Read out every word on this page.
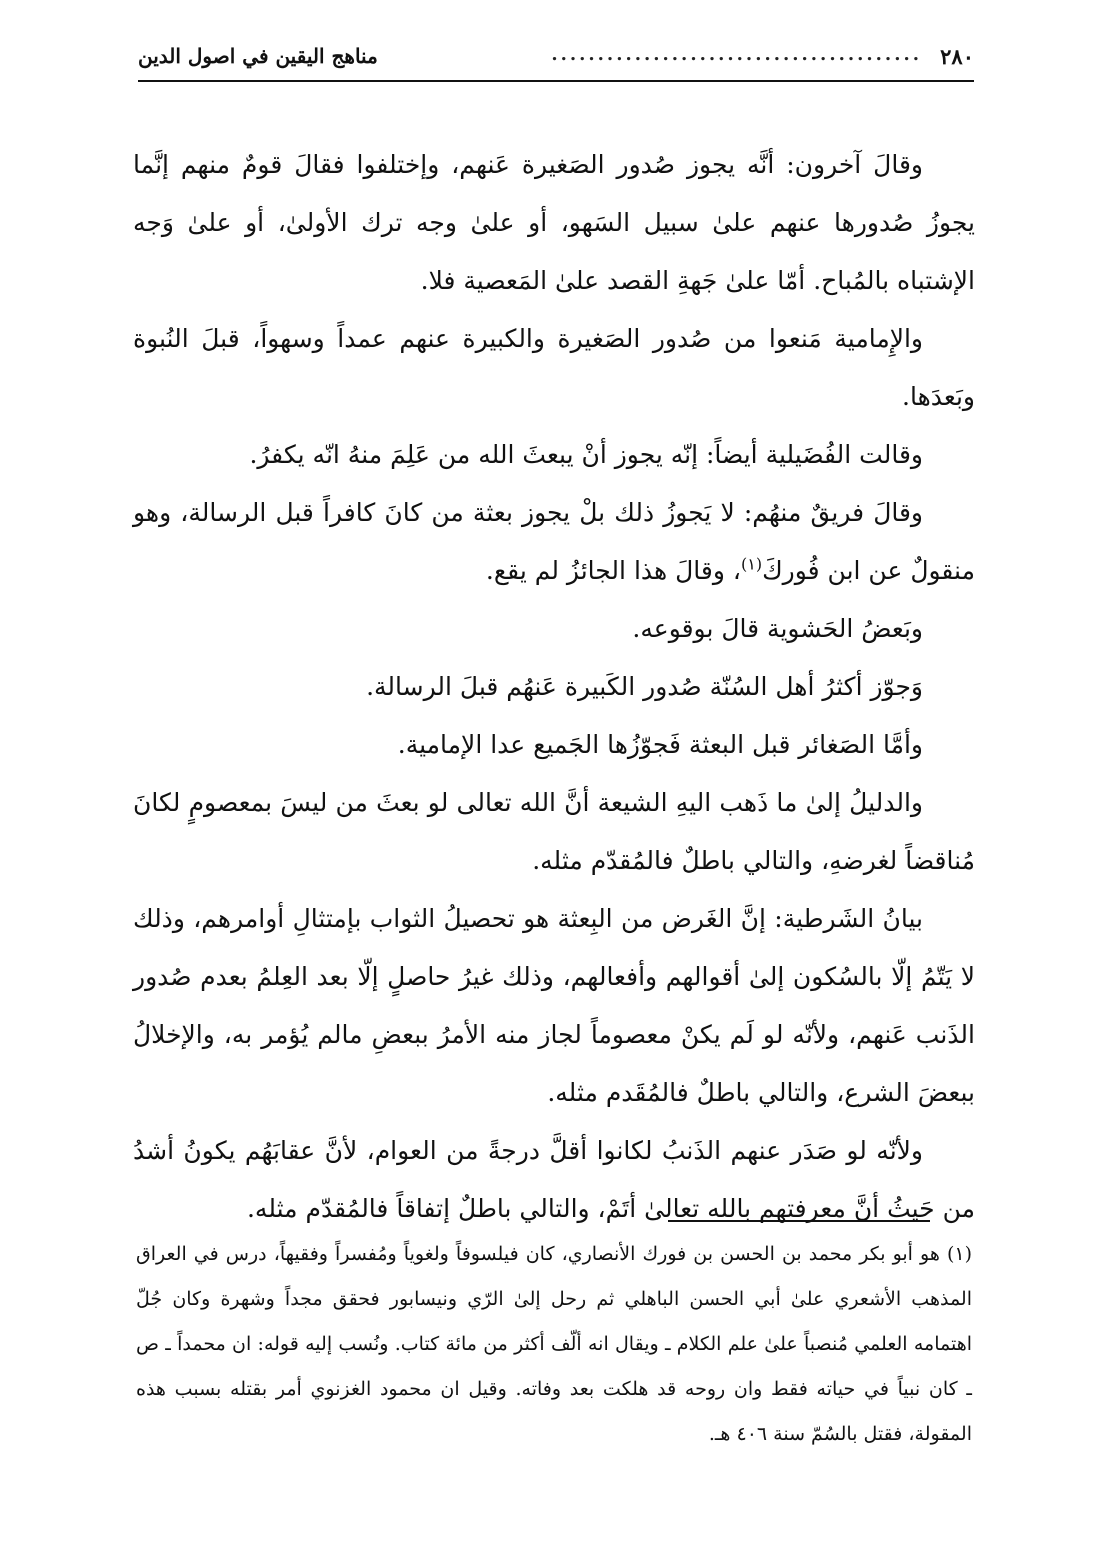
٢٨٠
........................................
مناهج اليقين في اصول الدين

وقالَ آخرون: أنَّه يجوز صُدور الصَغيرة عَنهم، وإختلفوا فقالَ قومٌ منهم إنَّما يجوزُ صُدورها عنهم علىٰ سبيل السَهو، أو علىٰ وجه ترك الأولىٰ، أو علىٰ وَجه الإشتباه بالمُباح. أمّا علىٰ جَهةِ القصد علىٰ المَعصية فلا.

والإِمامية مَنعوا من صُدور الصَغيرة والكبيرة عنهم عمداً وسهواً، قبلَ النُبوة وبَعدَها.

وقالت الفُضَيلية أيضاً: إنّه يجوز أنْ يبعثَ الله من عَلِمَ منهُ انّه يكفرُ.

وقالَ فريقٌ منهُم: لا يَجوزُ ذلك بلْ يجوز بعثة من كانَ كافراً قبل الرسالة، وهو منقولٌ عن ابن فُوركَ$^{(١)}$، وقالَ هذا الجائزُ لم يقع.

وبَعضُ الحَشوية قالَ بوقوعه.

وَجوّز أكثرُ أهل السُنّة صُدور الكَبيرة عَنهُم قبلَ الرسالة.

وأمَّا الصَغائر قبل البعثة فَجوّزُها الجَميع عدا الإمامية.

والدليلُ إلىٰ ما ذَهب اليهِ الشيعة أنَّ الله تعالى لو بعثَ من ليسَ بمعصومٍ لكانَ مُناقضاً لغرضهِ، والتالي باطلٌ فالمُقدّم مثله.

بيانُ الشَرطية: إنَّ الغَرض من البِعثة هو تحصيلُ الثواب بإمتثالِ أوامرهم، وذلك لا يَتّمُ إلّا بالسُكون إلىٰ أقوالهم وأفعالهم، وذلك غيرُ حاصلٍ إلّا بعد العِلمُ بعدم صُدور الذَنب عَنهم، ولأنّه لو لَم يكنْ معصوماً لجاز منه الأمرُ ببعضِ مالم يُؤمر به، والإخلالُ ببعضَ الشرع، والتالي باطلٌ فالمُقَدم مثله.

ولأنّه لو صَدَر عنهم الذَنبُ لكانوا أقلَّ درجةً من العوام، لأنَّ عقابَهُم يكونُ أشدُ من حَيثُ أنَّ معرفتهم بالله تعالىٰ أتَمْ، والتالي باطلٌ إتفاقاً فالمُقدّم مثله.

(١) هو أبو بكر محمد بن الحسن بن فورك الأنصاري، كان فيلسوفاً ولغوياً ومُفسراً وفقيهاً، درس في العراق المذهب الأشعري علىٰ أبي الحسن الباهلي ثم رحل إلىٰ الرّي ونيسابور فحقق مجداً وشهرة وكان جُلّ اهتمامه العلمي مُنصباً علىٰ علم الكلام ـ ويقال انه ألّف أكثر من مائة كتاب. ونُسب إليه قوله: ان محمداً ـ ص ـ كان نبياً في حياته فقط وان روحه قد هلكت بعد وفاته. وقيل ان محمود الغزنوي أمر بقتله بسبب هذه المقولة، فقتل بالسُمّ سنة ٤٠٦ هـ.
